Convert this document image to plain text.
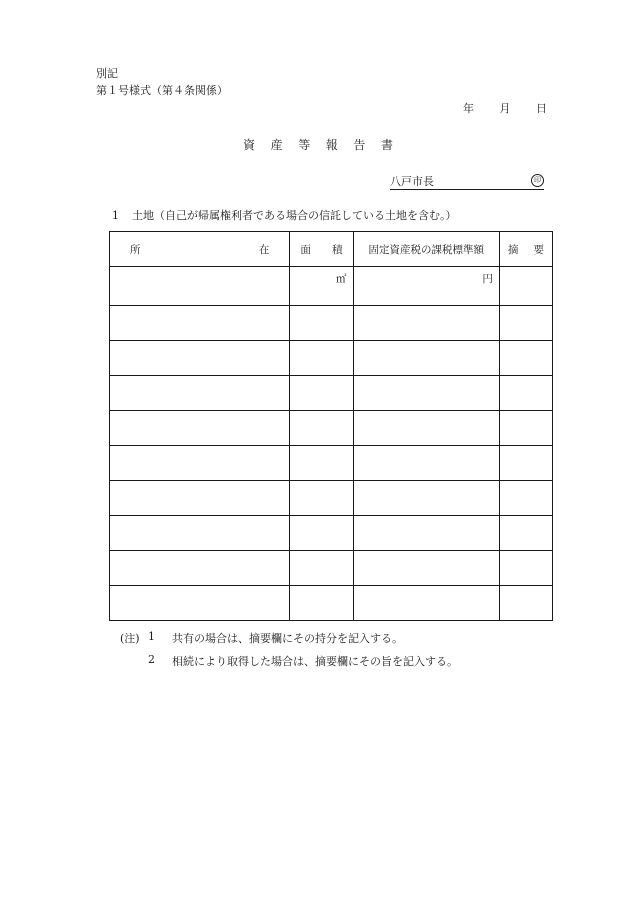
別記
第１号様式（第４条関係）
年 月 日
資 産 等 報 告 書
八戸市長	印
1 土地（自己が帰属権利者である場合の信託している土地を含む。）
所 在	面 積	固定資産税の課税標準額	摘 要

	㎡	円	

(注) 1	共有の場合は、摘要欄にその持分を記入する。
2	相続により取得した場合は、摘要欄にその旨を記入する。
